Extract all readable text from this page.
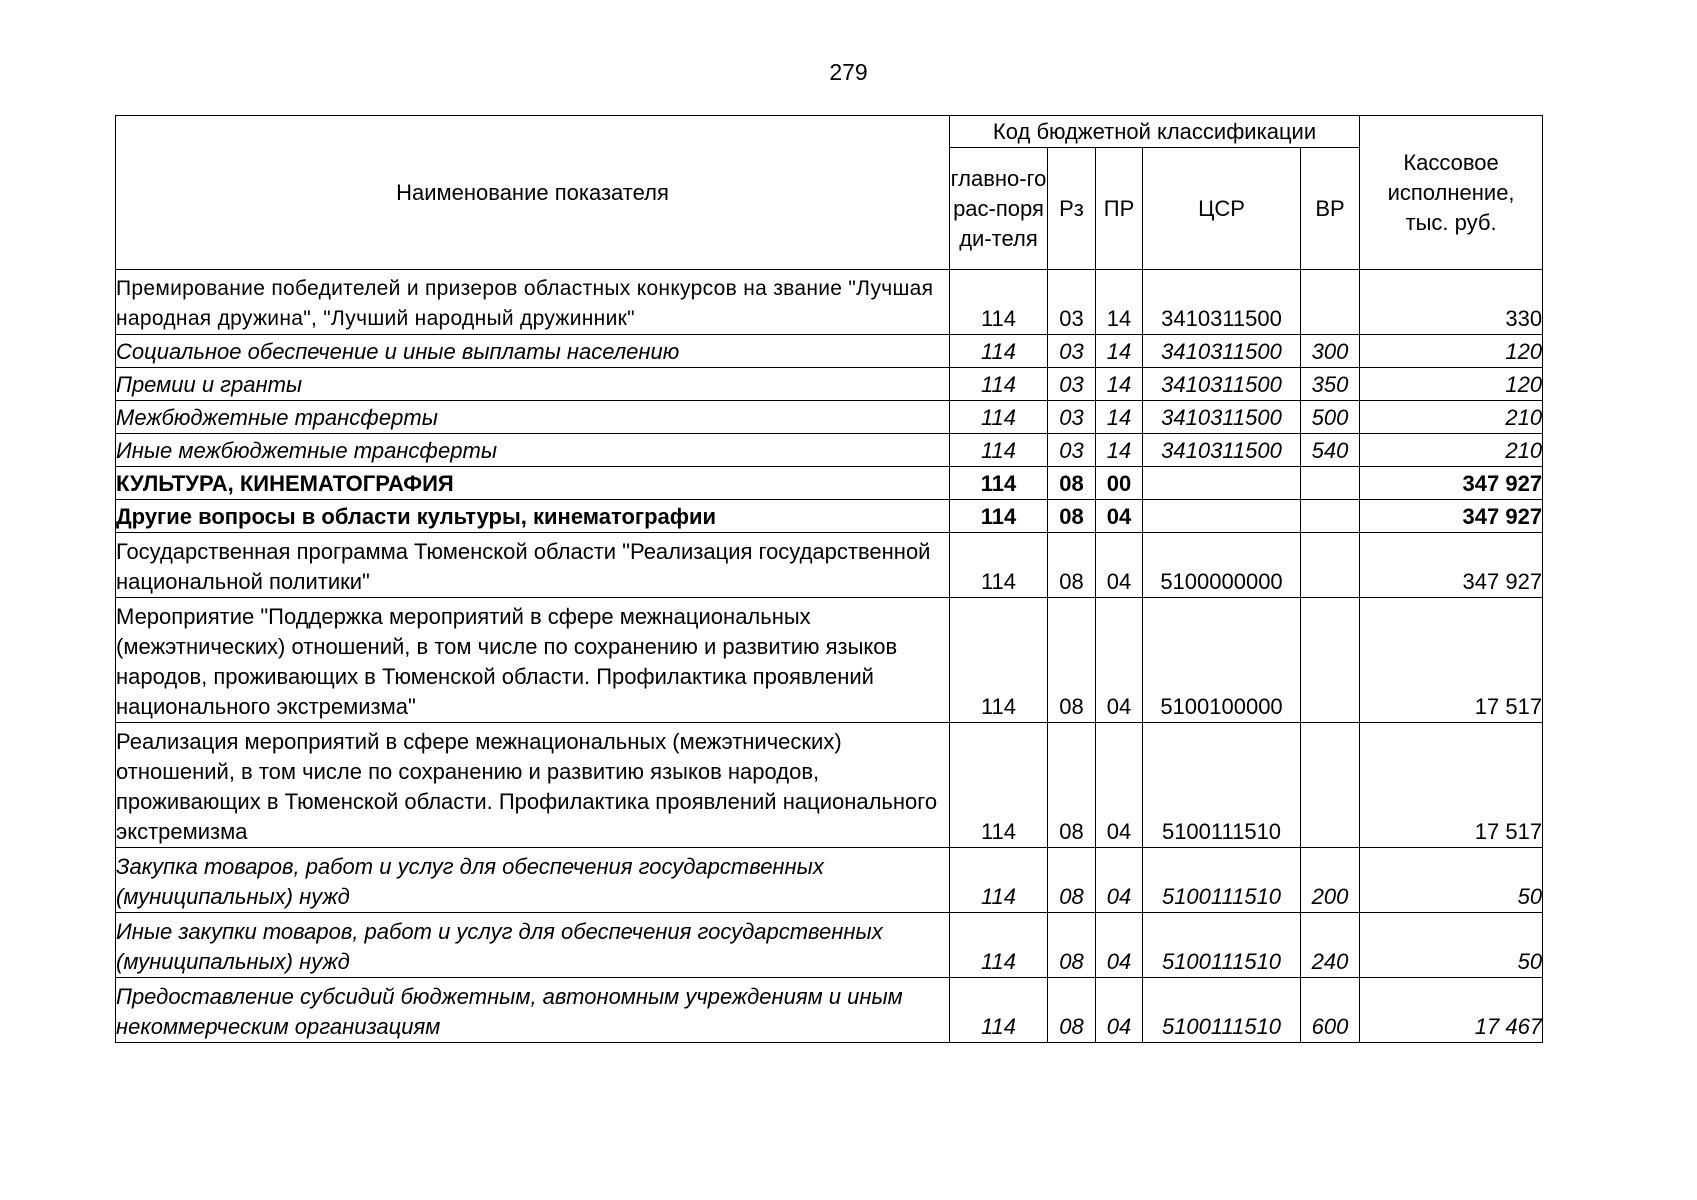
279
Наименование показателя	Код бюджетной классификации					Кассовое исполнение, тыс. руб.

	главно-го рас-поряди-теля	Рз	ПР	ЦСР	ВР	
Премирование победителей и призеров областных конкурсов на звание "Лучшая народная дружина", "Лучший народный дружинник"	114	03	14	3410311500		330
Социальное обеспечение и иные выплаты населению	114	03	14	3410311500	300	120
Премии и гранты	114	03	14	3410311500	350	120
Межбюджетные трансферты	114	03	14	3410311500	500	210
Иные межбюджетные трансферты	114	03	14	3410311500	540	210
КУЛЬТУРА, КИНЕМАТОГРАФИЯ	114	08	00			347 927
Другие вопросы в области культуры, кинематографии	114	08	04			347 927
Государственная программа Тюменской области "Реализация государственной национальной политики"	114	08	04	5100000000		347 927
Мероприятие "Поддержка мероприятий в сфере межнациональных (межэтнических) отношений, в том числе по сохранению и развитию языков народов, проживающих в Тюменской области. Профилактика проявлений национального экстремизма"	114	08	04	5100100000		17 517
Реализация мероприятий в сфере межнациональных (межэтнических) отношений, в том числе по сохранению и развитию языков народов, проживающих в Тюменской области. Профилактика проявлений национального экстремизма	114	08	04	5100111510		17 517
Закупка товаров, работ и услуг для обеспечения государственных (муниципальных) нужд	114	08	04	5100111510	200	50
Иные закупки товаров, работ и услуг для обеспечения государственных (муниципальных) нужд	114	08	04	5100111510	240	50
Предоставление субсидий бюджетным, автономным учреждениям и иным некоммерческим организациям	114	08	04	5100111510	600	17 467
